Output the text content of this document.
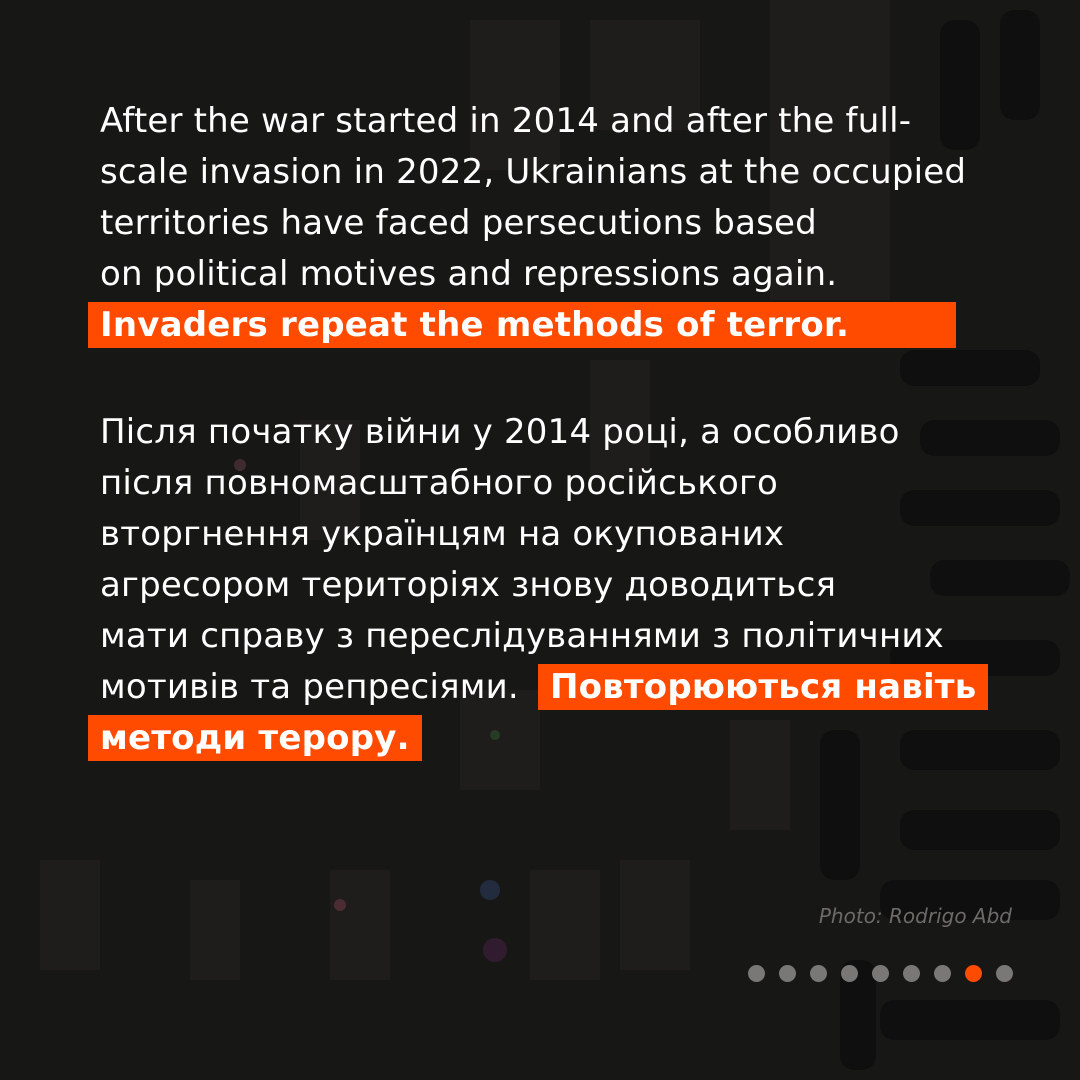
After the war started in 2014 and after the full-
scale invasion in 2022, Ukrainians at the occupied
territories have faced persecutions based
on political motives and repressions again.
Invaders repeat the methods of terror.
Після початку війни у 2014 році, а особливо
після повномасштабного російського
вторгнення українцям на окупованих
агресором територіях знову доводиться
мати справу з переслідуваннями з політичних
мотивів та репресіями. Повторюються навіть
методи терору.
Photo: Rodrigo Abd
